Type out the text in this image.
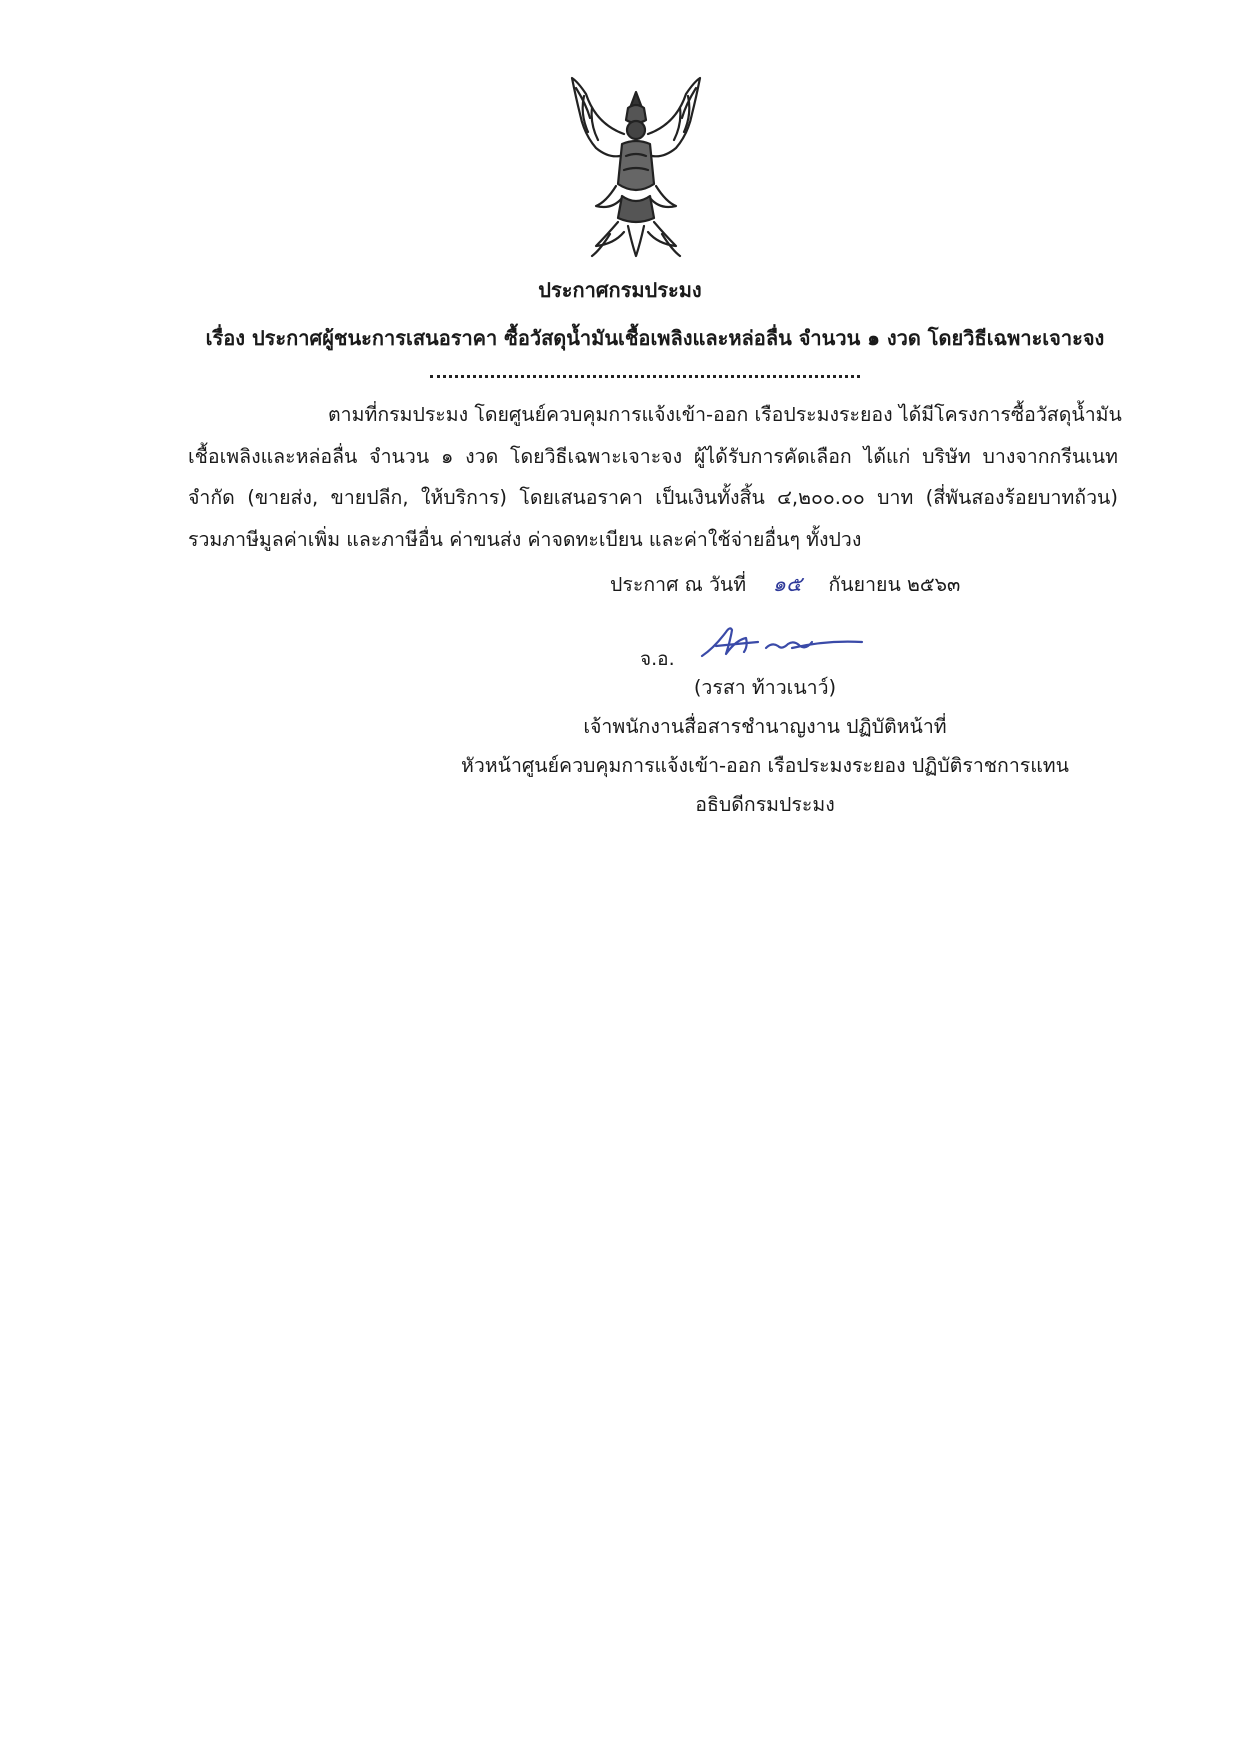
ประกาศกรมประมง
เรื่อง ประกาศผู้ชนะการเสนอราคา ซื้อวัสดุน้ำมันเชื้อเพลิงและหล่อลื่น จำนวน ๑ งวด โดยวิธีเฉพาะเจาะจง
ตามที่กรมประมง โดยศูนย์ควบคุมการแจ้งเข้า-ออก เรือประมงระยอง ได้มีโครงการซื้อวัสดุน้ำมัน
เชื้อเพลิงและหล่อลื่น จำนวน ๑ งวด โดยวิธีเฉพาะเจาะจง ผู้ได้รับการคัดเลือก ได้แก่ บริษัท บางจากกรีนเนท
จำกัด (ขายส่ง, ขายปลีก, ให้บริการ) โดยเสนอราคา เป็นเงินทั้งสิ้น ๔,๒๐๐.๐๐ บาท (สี่พันสองร้อยบาทถ้วน)
รวมภาษีมูลค่าเพิ่ม และภาษีอื่น ค่าขนส่ง ค่าจดทะเบียน และค่าใช้จ่ายอื่นๆ ทั้งปวง
ประกาศ ณ วันที่ ๑๕ กันยายน ๒๕๖๓
จ.อ.
(วรสา ท้าวเนาว์)
เจ้าพนักงานสื่อสารชำนาญงาน ปฏิบัติหน้าที่
หัวหน้าศูนย์ควบคุมการแจ้งเข้า-ออก เรือประมงระยอง ปฏิบัติราชการแทน
อธิบดีกรมประมง
